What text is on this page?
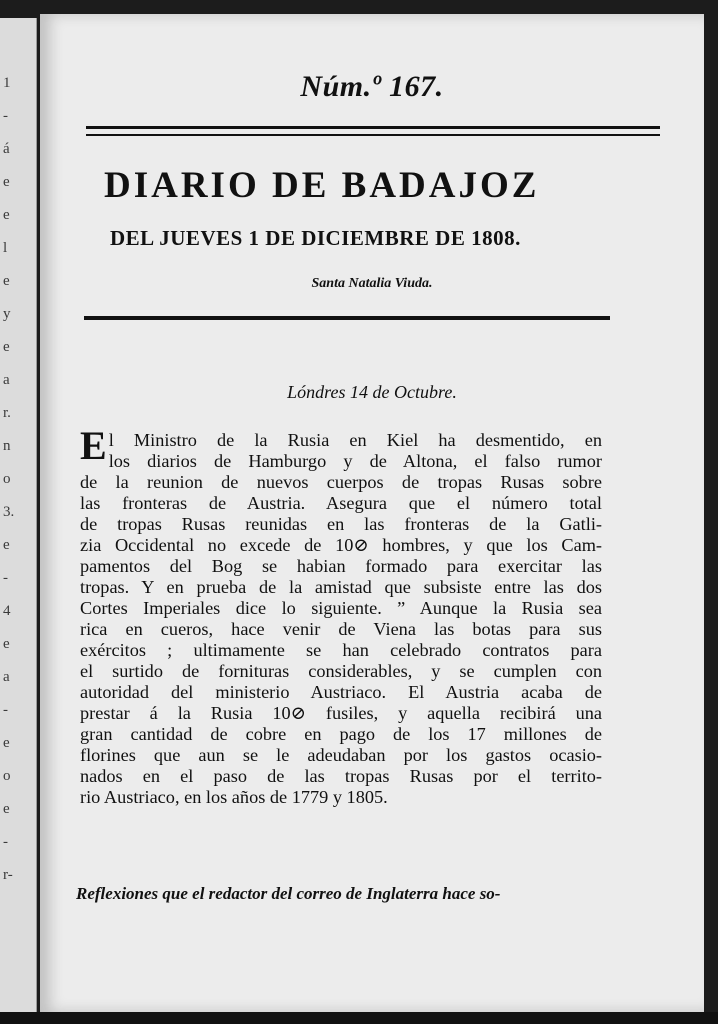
1
-
á
e
e
l
e
y
e
a
r.
n
o
3.
e
-
4
e
a
-
e
o
e
-
r-
Núm.º 167.
DIARIO DE BADAJOZ
DEL JUEVES 1 DE DICIEMBRE DE 1808.
Santa Natalia Viuda.
Lóndres 14 de Octubre.
E l Ministro de la Rusia en Kiel ha desmentido, en
los diarios de Hamburgo y de Altona, el falso rumor
de la reunion de nuevos cuerpos de tropas Rusas sobre
las fronteras de Austria. Asegura que el número total
de tropas Rusas reunidas en las fronteras de la Gatli-
zia Occidental no excede de 10⊘ hombres, y que los Cam-
pamentos del Bog se habian formado para exercitar las
tropas. Y en prueba de la amistad que subsiste entre las dos
Cortes Imperiales dice lo siguiente. ” Aunque la Rusia sea
rica en cueros, hace venir de Viena las botas para sus
exércitos ; ultimamente se han celebrado contratos para
el surtido de fornituras considerables, y se cumplen con
autoridad del ministerio Austriaco. El Austria acaba de
prestar á la Rusia 10⊘ fusiles, y aquella recibirá una
gran cantidad de cobre en pago de los 17 millones de
florines que aun se le adeudaban por los gastos ocasio-
nados en el paso de las tropas Rusas por el territo-
rio Austriaco, en los años de 1779 y 1805.
Reflexiones que el redactor del correo de Inglaterra hace so-
